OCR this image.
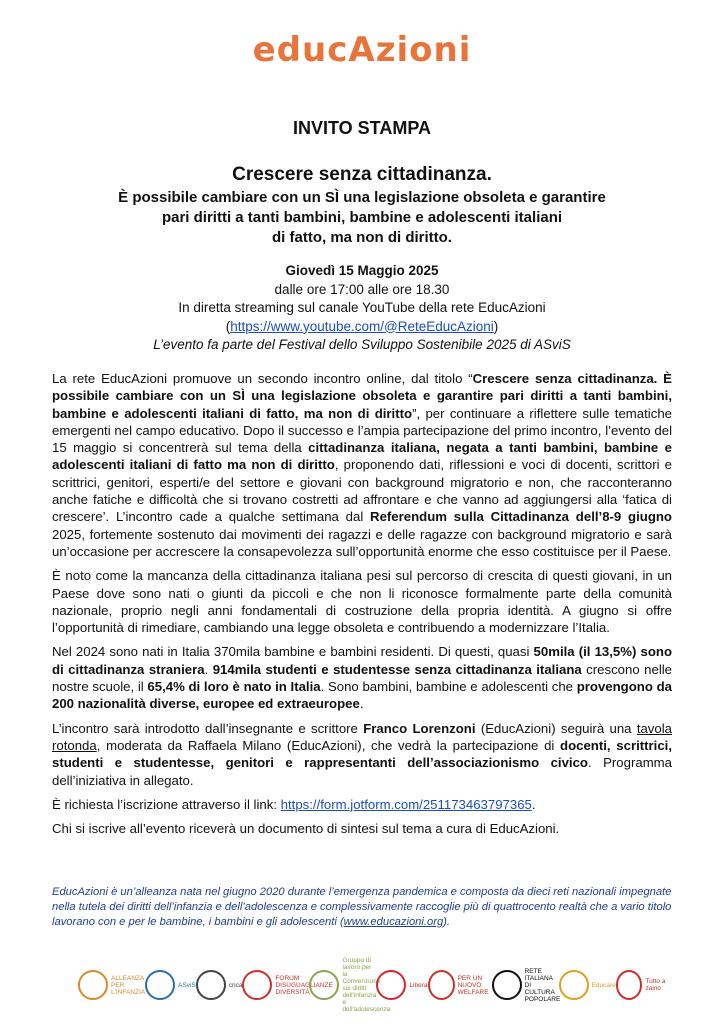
educAzioni
INVITO STAMPA
Crescere senza cittadinanza.
È possibile cambiare con un SÌ una legislazione obsoleta e garantire
pari diritti a tanti bambini, bambine e adolescenti italiani
di fatto, ma non di diritto.
Giovedì 15 Maggio 2025
dalle ore 17:00 alle ore 18.30
In diretta streaming sul canale YouTube della rete EducAzioni
(https://www.youtube.com/@ReteEducAzioni)
L’evento fa parte del Festival dello Sviluppo Sostenibile 2025 di ASviS

La rete EducAzioni promuove un secondo incontro online, dal titolo “Crescere senza cittadinanza. È possibile cambiare con un SÌ una legislazione obsoleta e garantire pari diritti a tanti bambini, bambine e adolescenti italiani di fatto, ma non di diritto”, per continuare a riflettere sulle tematiche emergenti nel campo educativo. Dopo il successo e l’ampia partecipazione del primo incontro, l’evento del 15 maggio si concentrerà sul tema della cittadinanza italiana, negata a tanti bambini, bambine e adolescenti italiani di fatto ma non di diritto, proponendo dati, riflessioni e voci di docenti, scrittori e scrittrici, genitori, esperti/e del settore e giovani con background migratorio e non, che racconteranno anche fatiche e difficoltà che si trovano costretti ad affrontare e che vanno ad aggiungersi alla ‘fatica di crescere’. L’incontro cade a qualche settimana dal Referendum sulla Cittadinanza dell’8-9 giugno 2025, fortemente sostenuto dai movimenti dei ragazzi e delle ragazze con background migratorio e sarà un’occasione per accrescere la consapevolezza sull’opportunità enorme che esso costituisce per il Paese.

È noto come la mancanza della cittadinanza italiana pesi sul percorso di crescita di questi giovani, in un Paese dove sono nati o giunti da piccoli e che non li riconosce formalmente parte della comunità nazionale, proprio negli anni fondamentali di costruzione della propria identità. A giugno si offre l’opportunità di rimediare, cambiando una legge obsoleta e contribuendo a modernizzare l’Italia.

Nel 2024 sono nati in Italia 370mila bambine e bambini residenti. Di questi, quasi 50mila (il 13,5%) sono di cittadinanza straniera. 914mila studenti e studentesse senza cittadinanza italiana crescono nelle nostre scuole, il 65,4% di loro è nato in Italia. Sono bambini, bambine e adolescenti che provengono da 200 nazionalità diverse, europee ed extraeuropee.

L’incontro sarà introdotto dall’insegnante e scrittore Franco Lorenzoni (EducAzioni) seguirà una tavola rotonda, moderata da Raffaela Milano (EducAzioni), che vedrà la partecipazione di docenti, scrittrici, studenti e studentesse, genitori e rappresentanti dell’associazionismo civico. Programma dell’iniziativa in allegato.

È richiesta l’iscrizione attraverso il link: https://form.jotform.com/251173463797365.

Chi si iscrive all’evento riceverà un documento di sintesi sul tema a cura di EducAzioni.

EducAzioni è un’alleanza nata nel giugno 2020 durante l’emergenza pandemica e composta da dieci reti nazionali impegnate nella tutela dei diritti dell’infanzia e dell’adolescenza e complessivamente raccoglie più di quattrocento realtà che a vario titolo lavorano con e per le bambine, i bambini e gli adolescenti (www.educazioni.org).
ALLEANZA PER L'INFANZIA
ASviS	cnca
FORUM DISUGUAGLIANZE DIVERSITÀ
Gruppo di lavoro per la Convenzione sui diritti dell'infanzia e dell'adolescenza
Libera
PER UN NUOVO WELFARE
RETE ITALIANA DI CULTURA POPOLARE
Educare	Tutto a zaino
